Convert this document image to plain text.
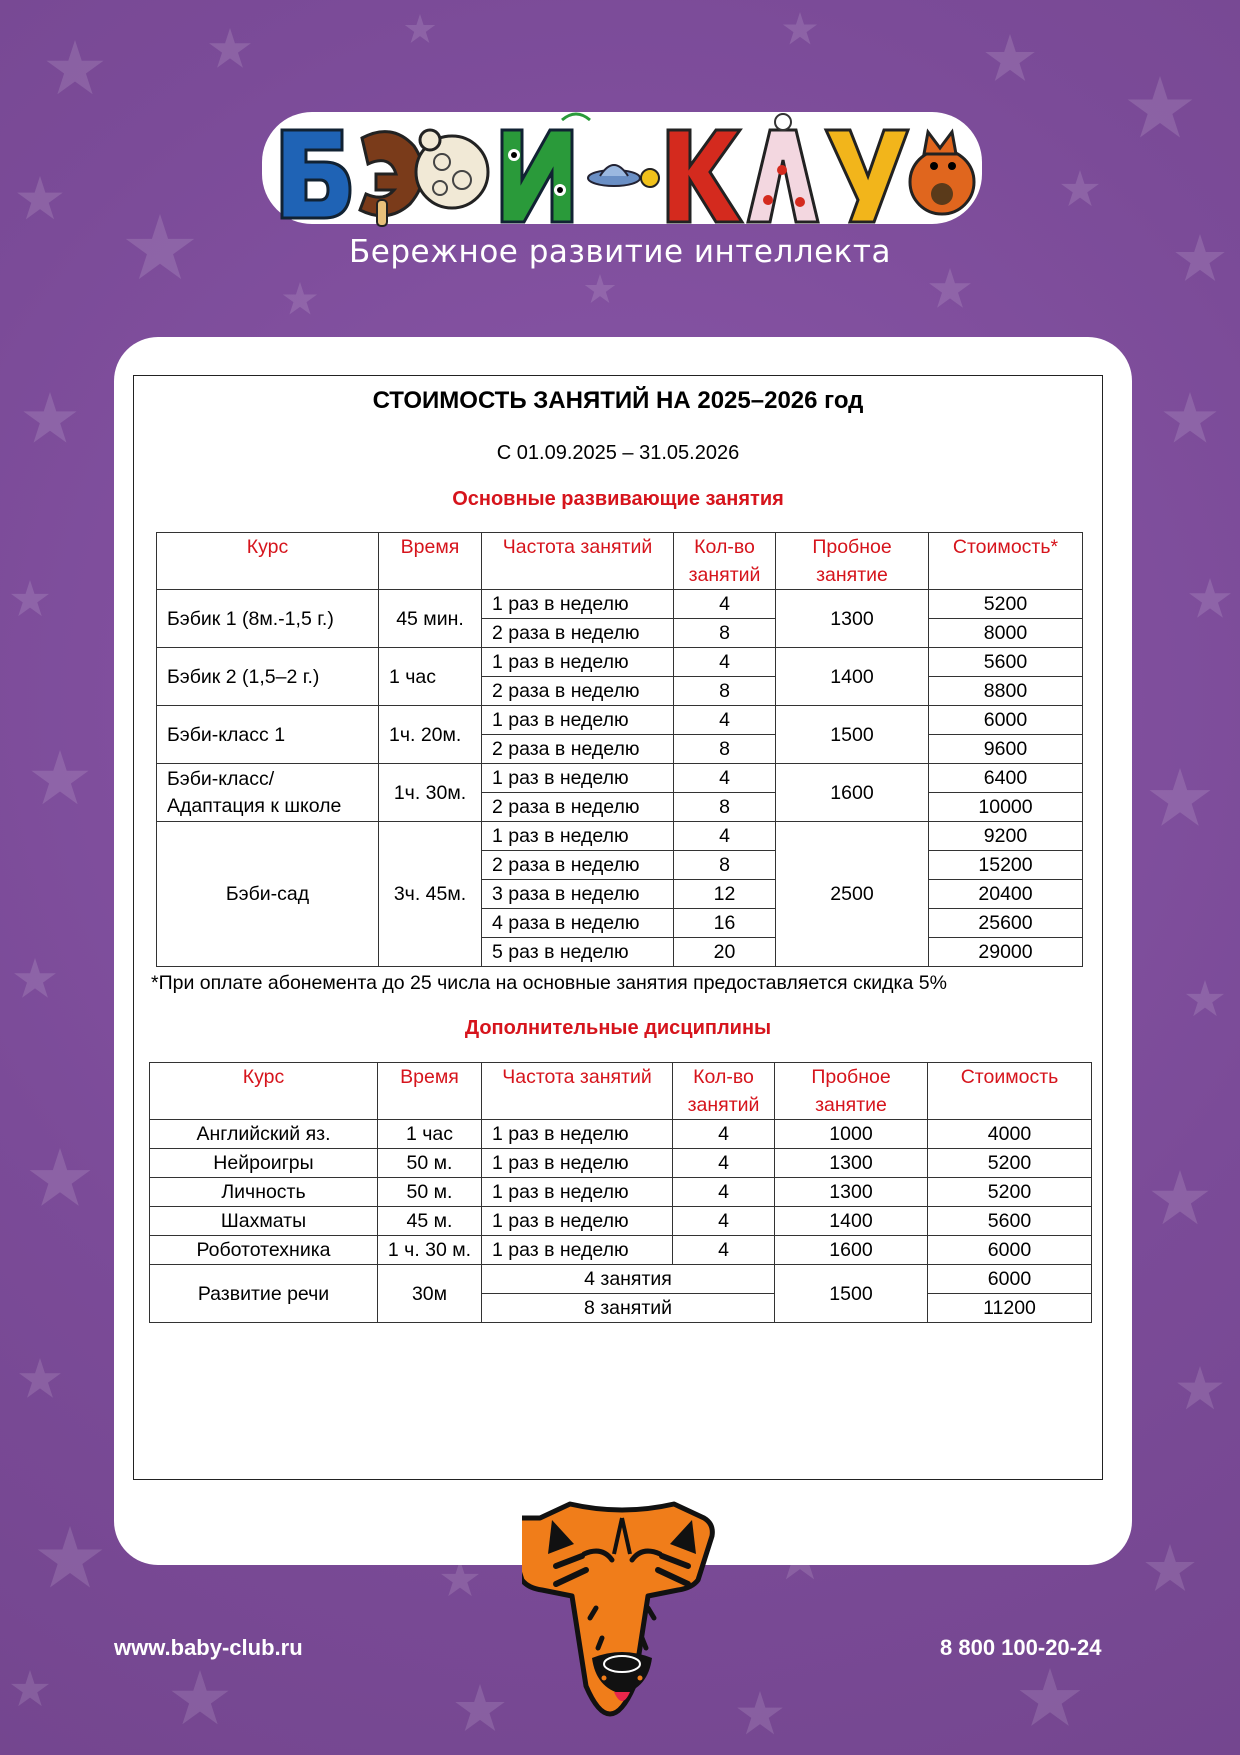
Бережное развитие интеллекта
СТОИМОСТЬ ЗАНЯТИЙ НА 2025–2026 год
С 01.09.2025 – 31.05.2026
Основные развивающие занятия
Курс	Время	Частота занятий	Кол-во занятий	Пробное занятие	Стоимость*
Бэбик 1 (8м.-1,5 г.)	45 мин.	1 раз в неделю	4	1300	5200
		2 раза в неделю	8		8000
Бэбик 2 (1,5–2 г.)	1 час	1 раз в неделю	4	1400	5600
		2 раза в неделю	8		8800
Бэби-класс 1	1ч. 20м.	1 раз в неделю	4	1500	6000
		2 раза в неделю	8		9600
Бэби-класс/ Адаптация к школе	1ч. 30м.	1 раз в неделю	4	1600	6400
		2 раза в неделю	8		10000
Бэби-сад	3ч. 45м.	1 раз в неделю	4	2500	9200
		2 раза в неделю	8		15200
		3 раза в неделю	12		20400
		4 раза в неделю	16		25600
		5 раз в неделю	20		29000
*При оплате абонемента до 25 числа на основные занятия предоставляется скидка 5%
Дополнительные дисциплины
Курс	Время	Частота занятий	Кол-во занятий	Пробное занятие	Стоимость
Английский яз.	1 час	1 раз в неделю	4	1000	4000
Нейроигры	50 м.	1 раз в неделю	4	1300	5200
Личность	50 м.	1 раз в неделю	4	1300	5200
Шахматы	45 м.	1 раз в неделю	4	1400	5600
Робототехника	1 ч. 30 м.	1 раз в неделю	4	1600	6000
Развитие речи	30м	4 занятия		1500	6000
		8 занятий			11200
www.baby-club.ru	8 800 100-20-24
